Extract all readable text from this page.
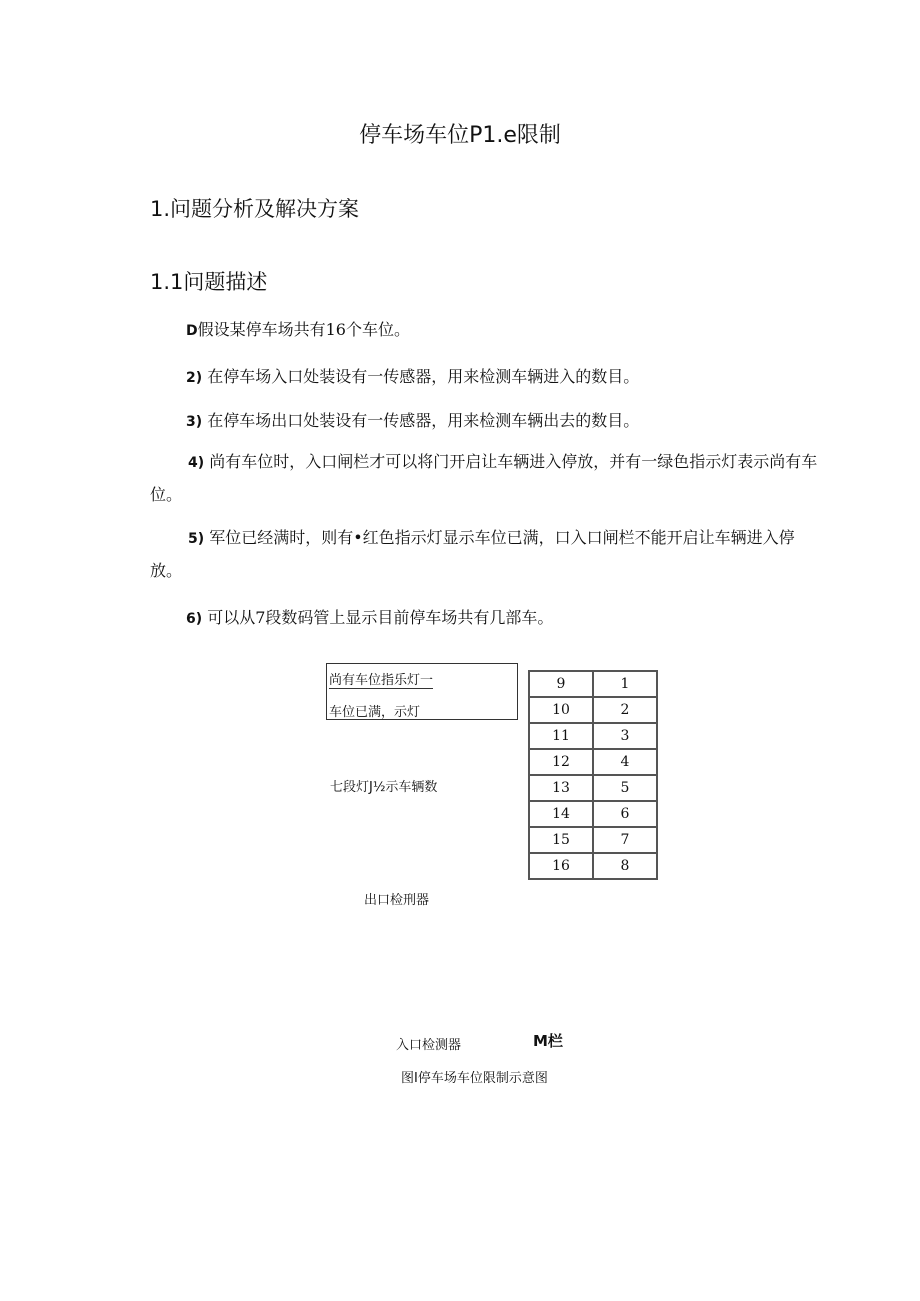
停车场车位P1.e限制
1.问题分析及解决方案
1.1问题描述
D假设某停车场共有16个车位。
2) 在停车场入口处装设有一传感器，用来检测车辆进入的数目。
3) 在停车场出口处装设有一传感器，用来检测车辆出去的数目。
4) 尚有车位时，入口闸栏才可以将门开启让车辆进入停放，并有一绿色指示灯表示尚有车位。
5) 军位已经满时，则有•红色指示灯显示车位已满，口入口闸栏不能开启让车辆进入停放。
6) 可以从7段数码管上显示目前停车场共有几部车。
尚有车位指乐灯一
车位已满，示灯
9	1
10	2
11	3
12	4
13	5
14	6
15	7
16	8
七段灯J½示车辆数
出口检刑器
入口检测器	M栏
图I停车场车位限制示意图
